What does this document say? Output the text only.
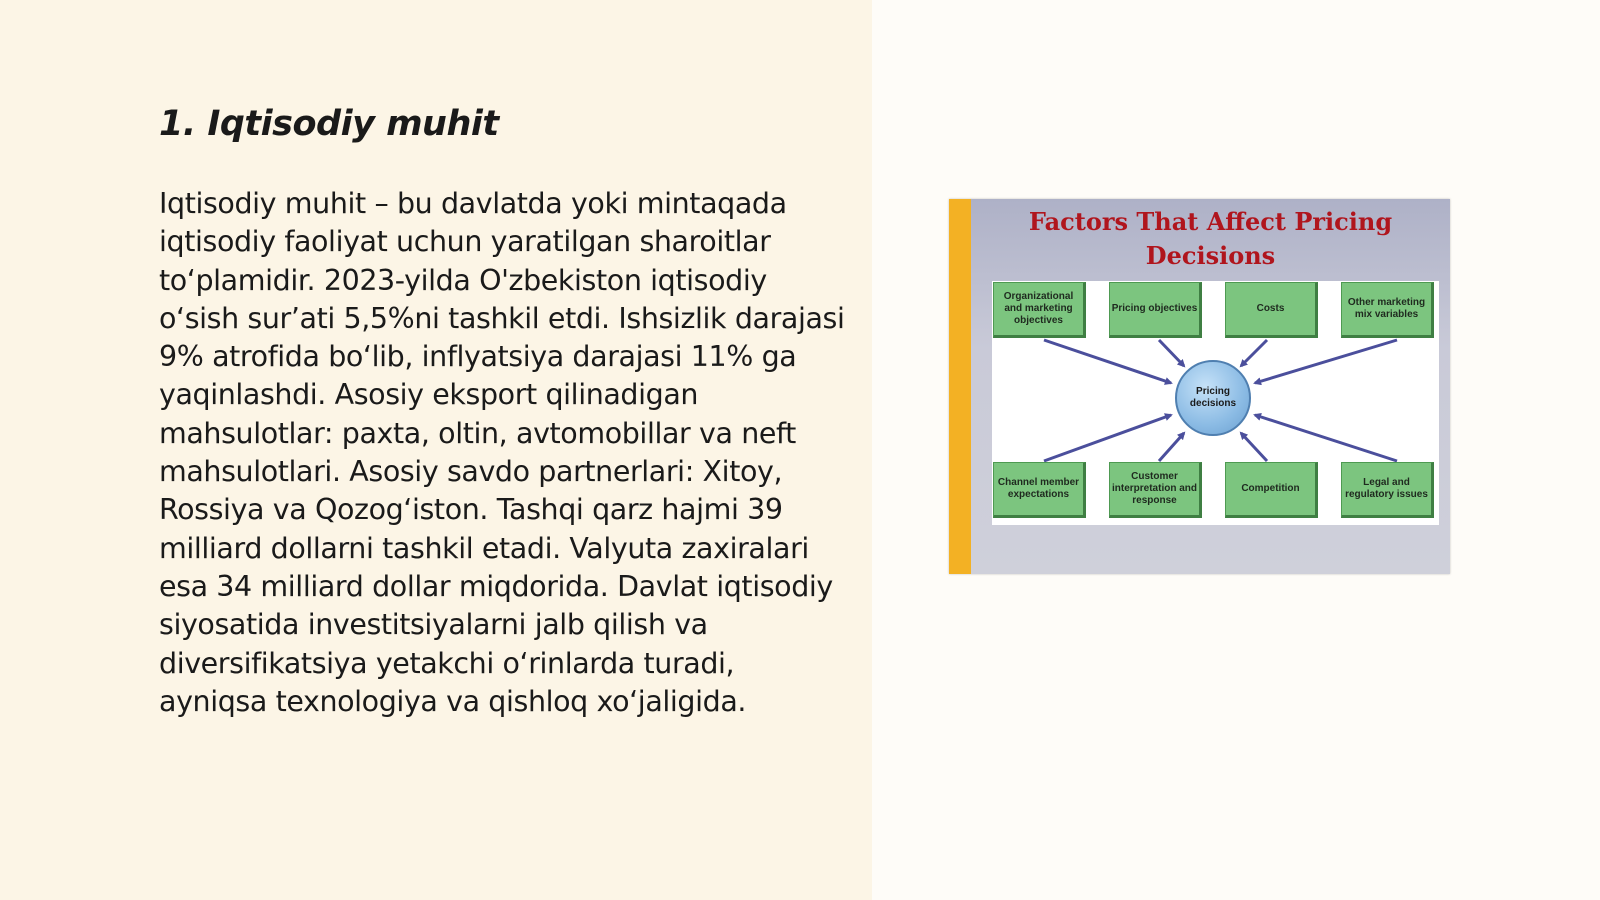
1. Iqtisodiy muhit

Iqtisodiy muhit – bu davlatda yoki mintaqada iqtisodiy faoliyat uchun yaratilgan sharoitlar to‘plamidir. 2023-yilda O'zbekiston iqtisodiy o‘sish sur’ati 5,5%ni tashkil etdi. Ishsizlik darajasi 9% atrofida bo‘lib, inflyatsiya darajasi 11% ga yaqinlashdi. Asosiy eksport qilinadigan mahsulotlar: paxta, oltin, avtomobillar va neft mahsulotlari. Asosiy savdo partnerlari: Xitoy, Rossiya va Qozog‘iston. Tashqi qarz hajmi 39 milliard dollarni tashkil etadi. Valyuta zaxiralari esa 34 milliard dollar miqdorida. Davlat iqtisodiy siyosatida investitsiyalarni jalb qilish va diversifikatsiya yetakchi o‘rinlarda turadi, ayniqsa texnologiya va qishloq xo‘jaligida.

Factors That Affect Pricing Decisions
Organizational and marketing objectives
Pricing objectives	Costs
Other marketing mix variables
Pricing decisions
Channel member expectations
Customer interpretation and response
Competition
Legal and regulatory issues
